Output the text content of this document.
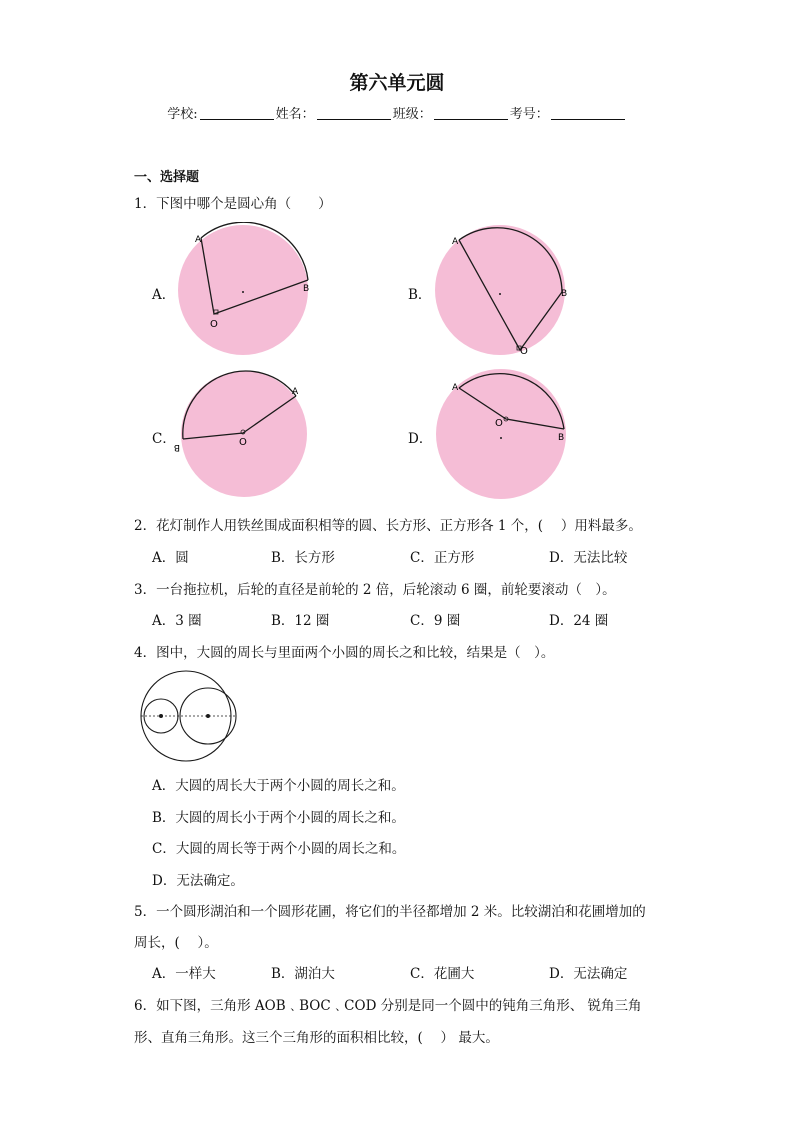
第六单元圆
学校:	姓名：	班级：	考号：
一、选择题
1．下图中哪个是圆心角（　　）
A．
A
B
O
B．
A
B
O
C．
A
B	O	D．
A
B
O
2．花灯制作人用铁丝围成面积相等的圆、长方形、正方形各 1 个，(　 ）用料最多。
A．圆	B．长方形	C．正方形	D．无法比较
3．一台拖拉机，后轮的直径是前轮的 2 倍，后轮滚动 6 圈，前轮要滚动（　）。
A．3 圈	B．12 圈	C．9 圈	D．24 圈
4．图中，大圆的周长与里面两个小圆的周长之和比较，结果是（　）。
A．大圆的周长大于两个小圆的周长之和。
B．大圆的周长小于两个小圆的周长之和。
C．大圆的周长等于两个小圆的周长之和。
D．无法确定。
5．一个圆形湖泊和一个圆形花圃，将它们的半径都增加 2 米。比较湖泊和花圃增加的
周长，(　 ）。
A．一样大	B．湖泊大	C．花圃大	D．无法确定
6．如下图，三角形 AOB﹑BOC﹑COD 分别是同一个圆中的钝角三角形、 锐角三角
形、直角三角形。这三个三角形的面积相比较，(　 ） 最大。
